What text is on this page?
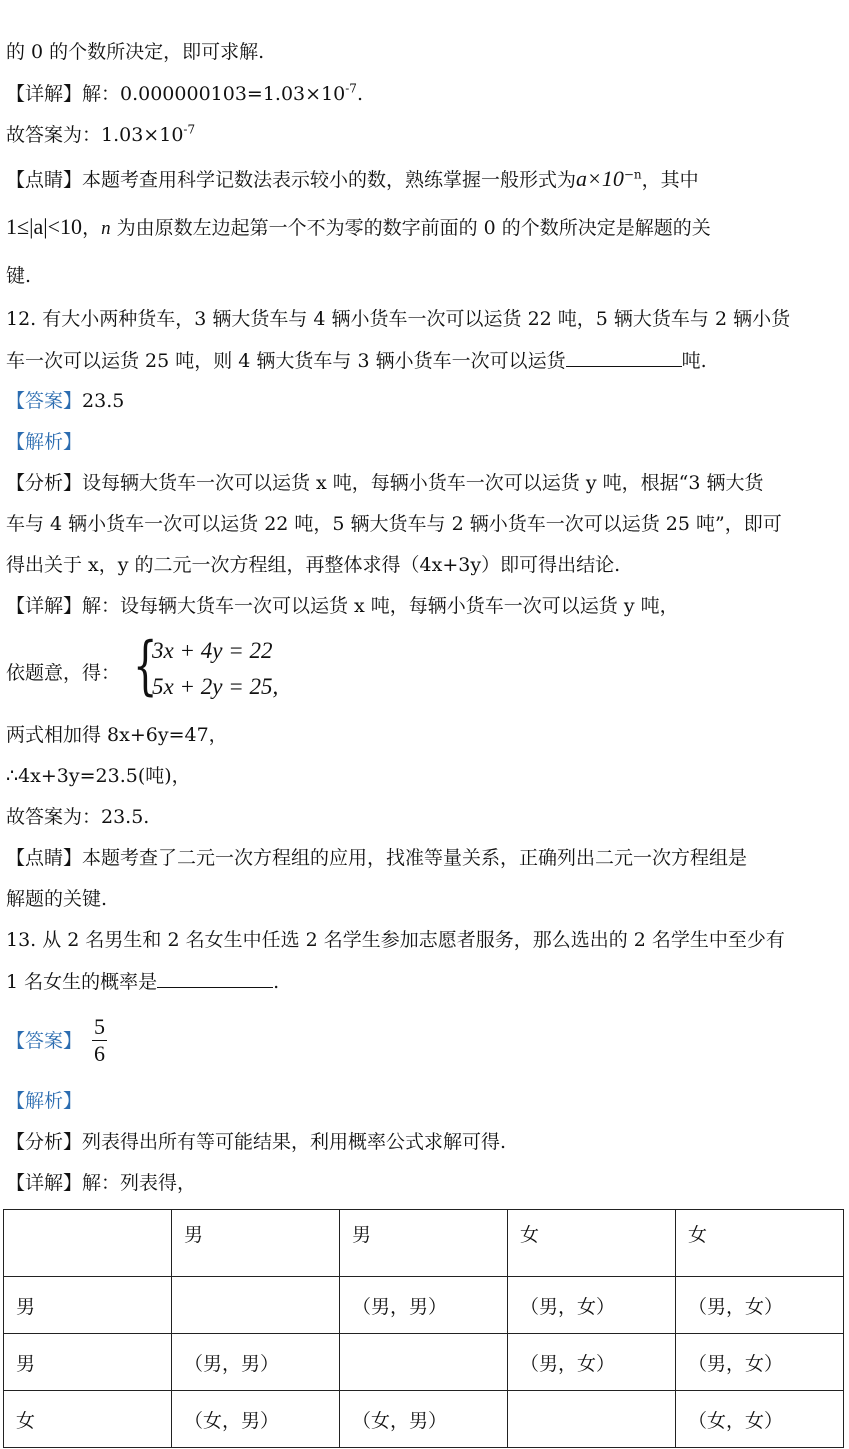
的 0 的个数所决定，即可求解.
【详解】解：$0.000000103=1.03\times 10^{-7}$.
故答案为：$1.03\times 10^{-7}$
【点睛】本题考查用科学记数法表示较小的数，熟练掌握一般形式为$a\times 10^{-n}$，其中
1≤|a|<10，n 为由原数左边起第一个不为零的数字前面的 0 的个数所决定是解题的关
键.
12. 有大小两种货车，3 辆大货车与 4 辆小货车一次可以运货 22 吨，5 辆大货车与 2 辆小货
车一次可以运货 25 吨，则 4 辆大货车与 3 辆小货车一次可以运货	吨.
【答案】23.5
【解析】
【分析】设每辆大货车一次可以运货 x 吨，每辆小货车一次可以运货 y 吨，根据“3 辆大货
车与 4 辆小货车一次可以运货 22 吨，5 辆大货车与 2 辆小货车一次可以运货 25 吨”，即可
得出关于 x，y 的二元一次方程组，再整体求得（4x+3y）即可得出结论.
【详解】解：设每辆大货车一次可以运货 x 吨，每辆小货车一次可以运货 y 吨，
依题意，得： {
3x + 4y = 22
5x + 2y = 25,
两式相加得 8x+6y=47，
∴4x+3y=23.5(吨)，
故答案为：23.5.
【点睛】本题考查了二元一次方程组的应用，找准等量关系，正确列出二元一次方程组是
解题的关键.
13. 从 2 名男生和 2 名女生中任选 2 名学生参加志愿者服务，那么选出的 2 名学生中至少有
1 名女生的概率是	.
【答案】 $\frac{5}{6}$
【解析】
【分析】列表得出所有等可能结果，利用概率公式求解可得.
【详解】解：列表得，
	男	男	女	女
男		（男，男）	（男，女）	（男，女）
男	（男，男）		（男，女）	（男，女）
女	（女，男）	（女，男）		（女，女）
